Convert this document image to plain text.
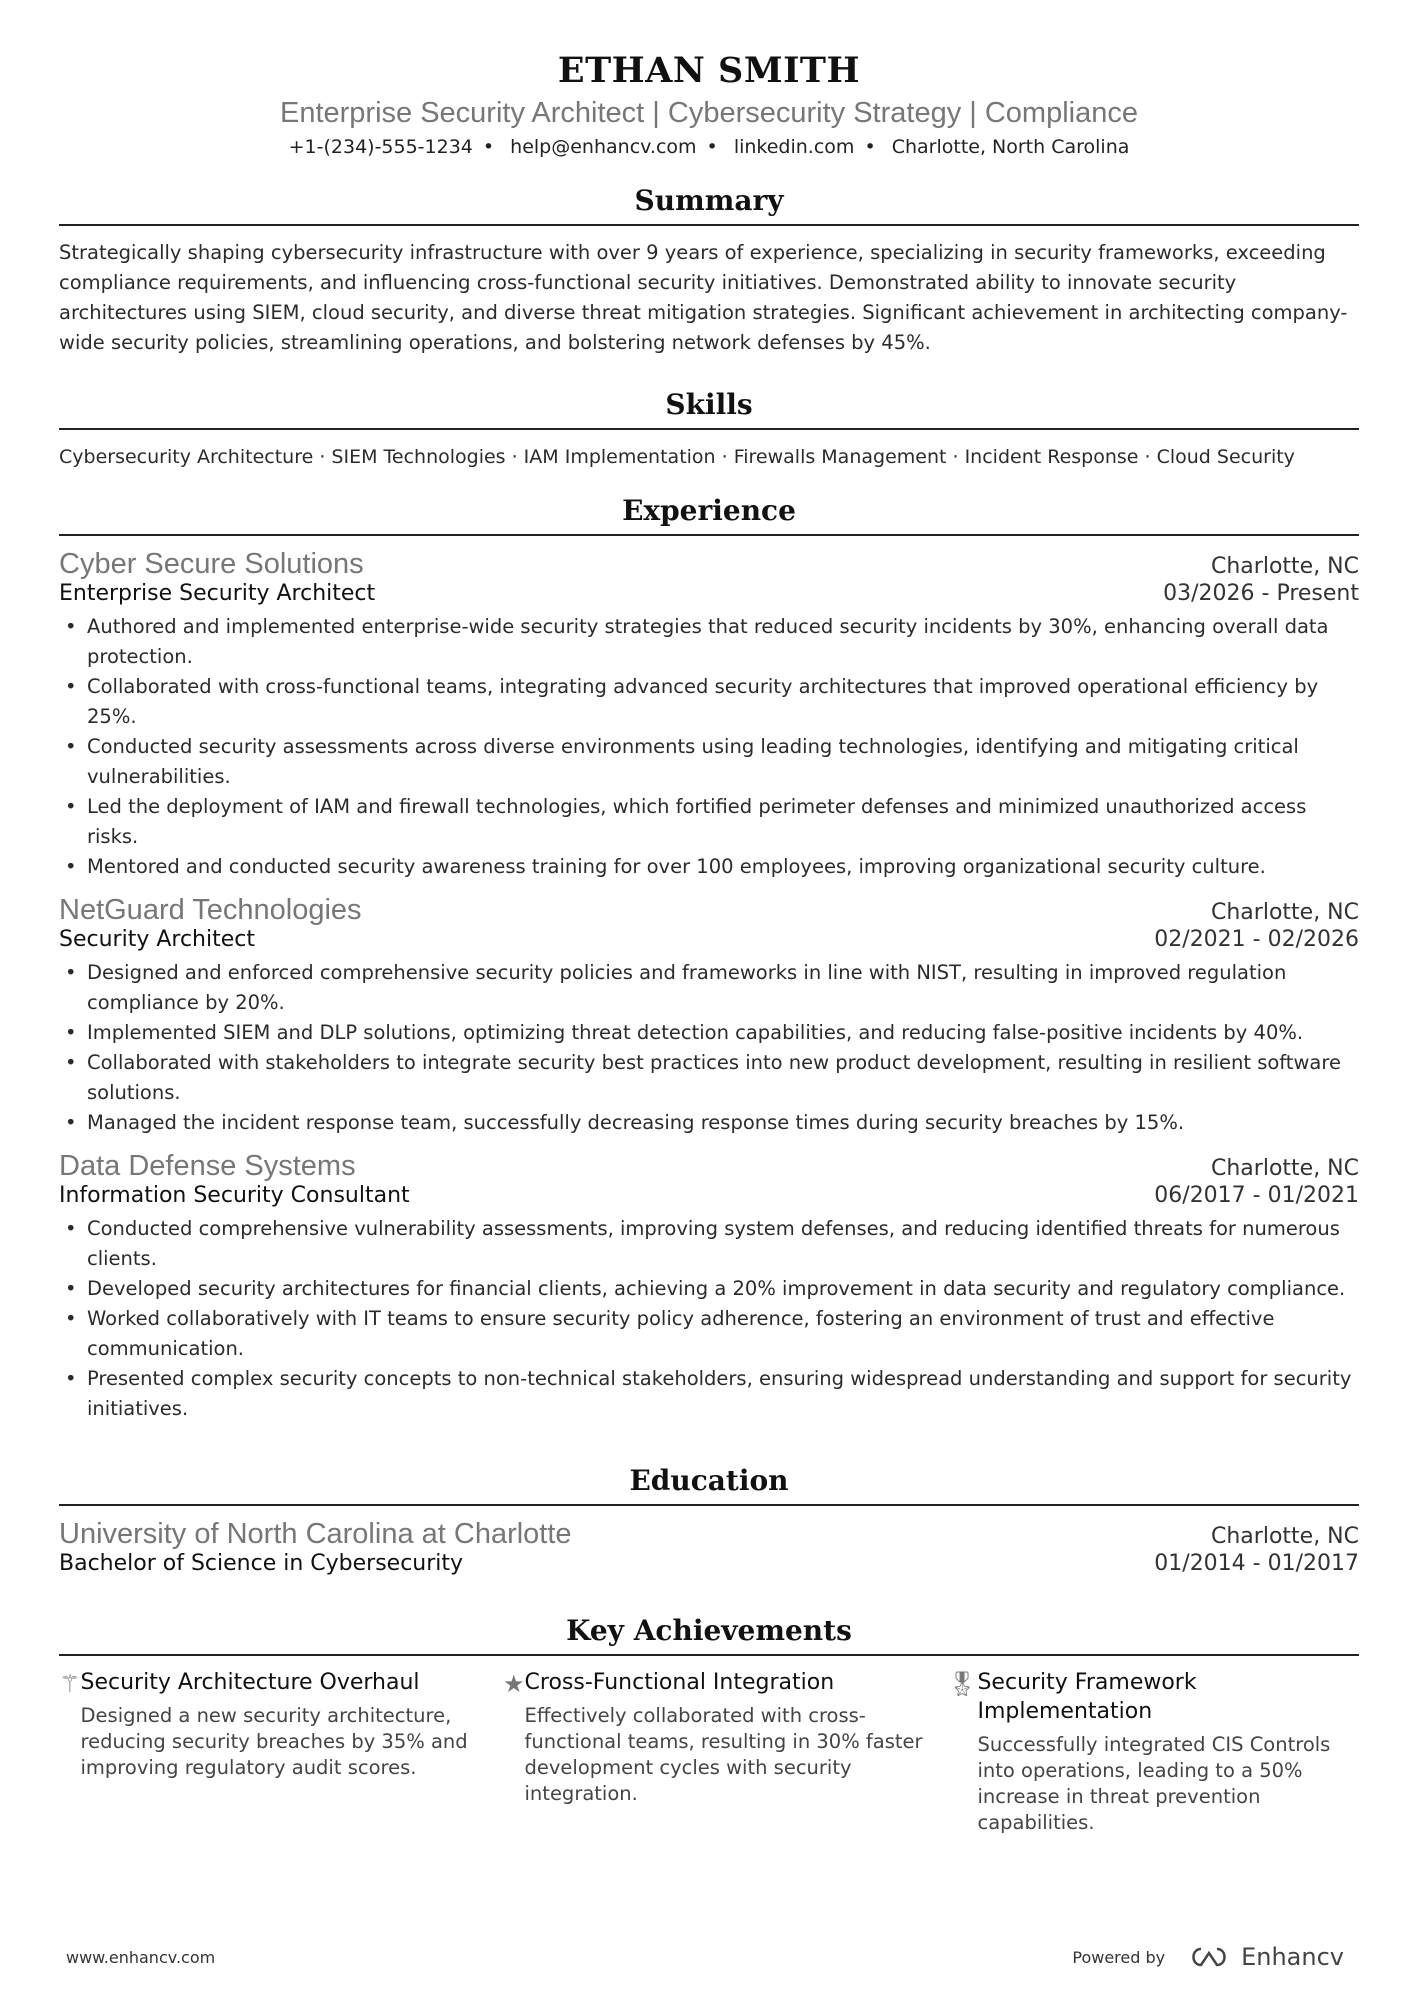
ETHAN SMITH
Enterprise Security Architect | Cybersecurity Strategy | Compliance
+1-(234)-555-1234 • help@enhancv.com • linkedin.com • Charlotte, North Carolina
Summary

Strategically shaping cybersecurity infrastructure with over 9 years of experience, specializing in security frameworks, exceeding compliance requirements, and influencing cross-functional security initiatives. Demonstrated ability to innovate security architectures using SIEM, cloud security, and diverse threat mitigation strategies. Significant achievement in architecting company-wide security policies, streamlining operations, and bolstering network defenses by 45%.

Skills
Cybersecurity Architecture · SIEM Technologies · IAM Implementation · Firewalls Management · Incident Response · Cloud Security
Experience
Cyber Secure Solutions	Charlotte, NC
Enterprise Security Architect	03/2026 - Present
• Authored and implemented enterprise-wide security strategies that reduced security incidents by 30%, enhancing overall data protection.
• Collaborated with cross-functional teams, integrating advanced security architectures that improved operational efficiency by 25%.
• Conducted security assessments across diverse environments using leading technologies, identifying and mitigating critical vulnerabilities.
• Led the deployment of IAM and firewall technologies, which fortified perimeter defenses and minimized unauthorized access risks.
• Mentored and conducted security awareness training for over 100 employees, improving organizational security culture.
NetGuard Technologies	Charlotte, NC
Security Architect	02/2021 - 02/2026
• Designed and enforced comprehensive security policies and frameworks in line with NIST, resulting in improved regulation compliance by 20%.
• Implemented SIEM and DLP solutions, optimizing threat detection capabilities, and reducing false-positive incidents by 40%.
• Collaborated with stakeholders to integrate security best practices into new product development, resulting in resilient software solutions.
• Managed the incident response team, successfully decreasing response times during security breaches by 15%.
Data Defense Systems	Charlotte, NC
Information Security Consultant	06/2017 - 01/2021
• Conducted comprehensive vulnerability assessments, improving system defenses, and reducing identified threats for numerous clients.
• Developed security architectures for financial clients, achieving a 20% improvement in data security and regulatory compliance.
• Worked collaboratively with IT teams to ensure security policy adherence, fostering an environment of trust and effective communication.
• Presented complex security concepts to non-technical stakeholders, ensuring widespread understanding and support for security initiatives.
Education
University of North Carolina at Charlotte	Charlotte, NC
Bachelor of Science in Cybersecurity	01/2014 - 01/2017
Key Achievements
⚚ Security Architecture Overhaul
Designed a new security architecture, reducing security breaches by 35% and improving regulatory audit scores.
★ Cross-Functional Integration
Effectively collaborated with cross-functional teams, resulting in 30% faster development cycles with security integration.
🎖︎ Security Framework Implementation
Successfully integrated CIS Controls into operations, leading to a 50% increase in threat prevention capabilities.
www.enhancv.com	Powered by	Enhancv
